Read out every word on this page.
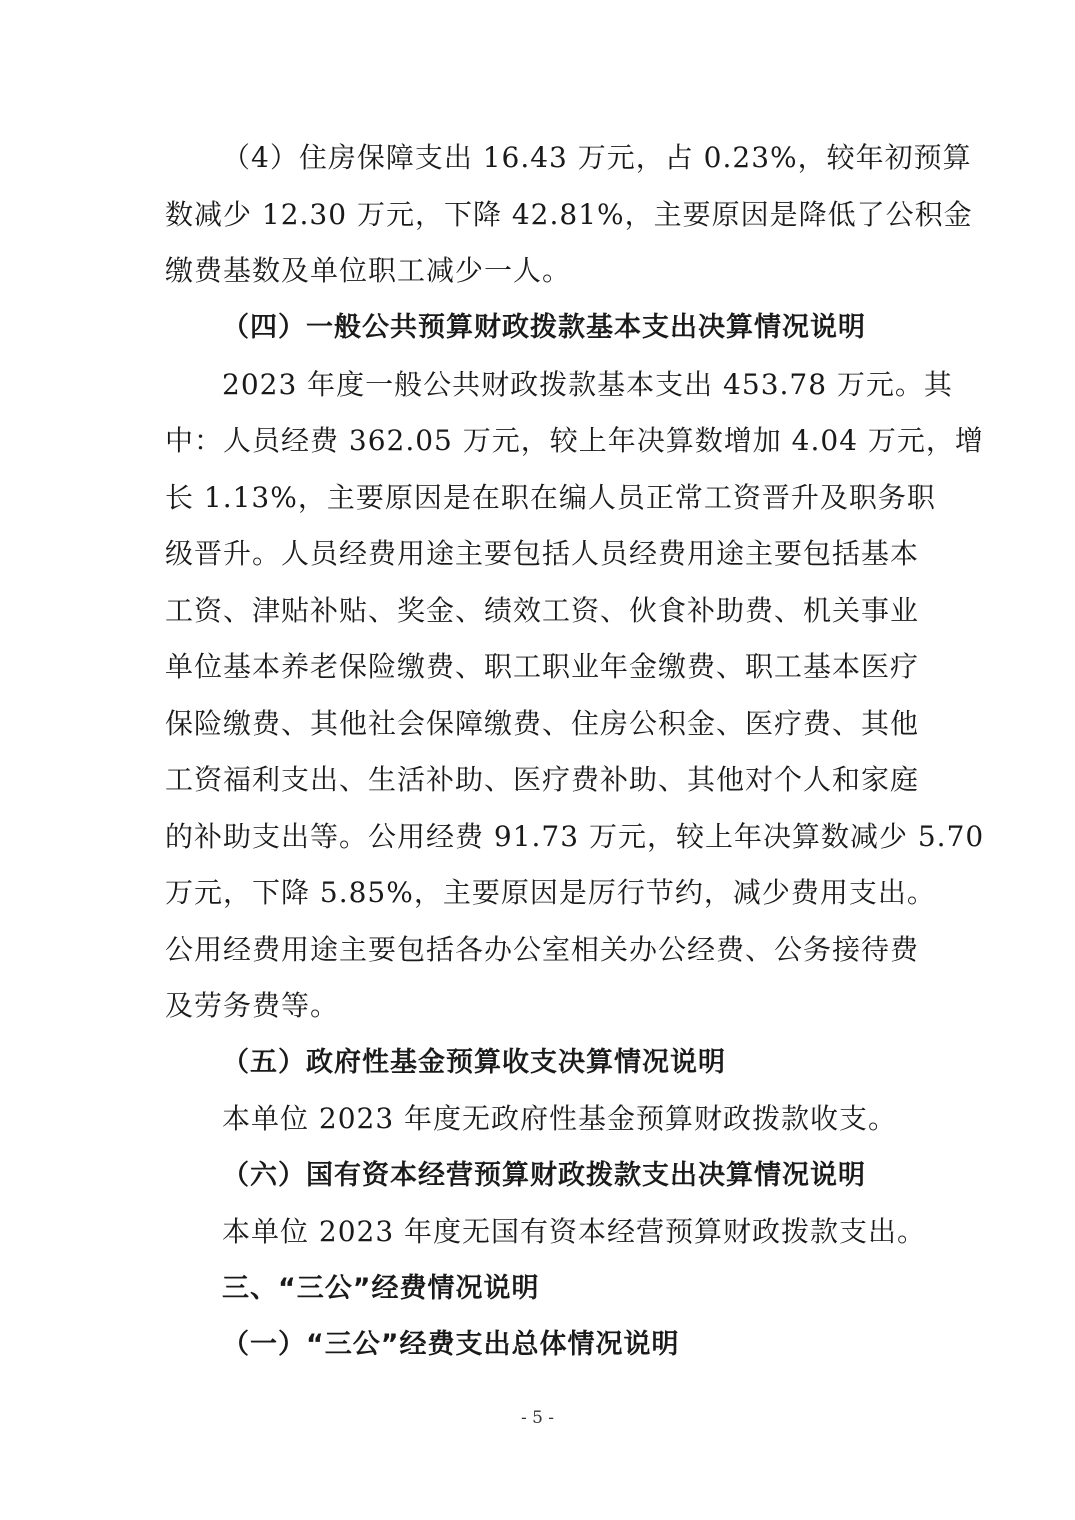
（4）住房保障支出 16.43 万元，占 0.23%，较年初预算
数减少 12.30 万元，下降 42.81%，主要原因是降低了公积金
缴费基数及单位职工减少一人。
（四）一般公共预算财政拨款基本支出决算情况说明
2023 年度一般公共财政拨款基本支出 453.78 万元。其
中：人员经费 362.05 万元，较上年决算数增加 4.04 万元，增
长 1.13%，主要原因是在职在编人员正常工资晋升及职务职
级晋升。人员经费用途主要包括人员经费用途主要包括基本
工资、津贴补贴、奖金、绩效工资、伙食补助费、机关事业
单位基本养老保险缴费、职工职业年金缴费、职工基本医疗
保险缴费、其他社会保障缴费、住房公积金、医疗费、其他
工资福利支出、生活补助、医疗费补助、其他对个人和家庭
的补助支出等。公用经费 91.73 万元，较上年决算数减少 5.70
万元，下降 5.85%，主要原因是厉行节约，减少费用支出。
公用经费用途主要包括各办公室相关办公经费、公务接待费
及劳务费等。
（五）政府性基金预算收支决算情况说明
本单位 2023 年度无政府性基金预算财政拨款收支。
（六）国有资本经营预算财政拨款支出决算情况说明
本单位 2023 年度无国有资本经营预算财政拨款支出。
三、“三公”经费情况说明
（一）“三公”经费支出总体情况说明
- 5 -
